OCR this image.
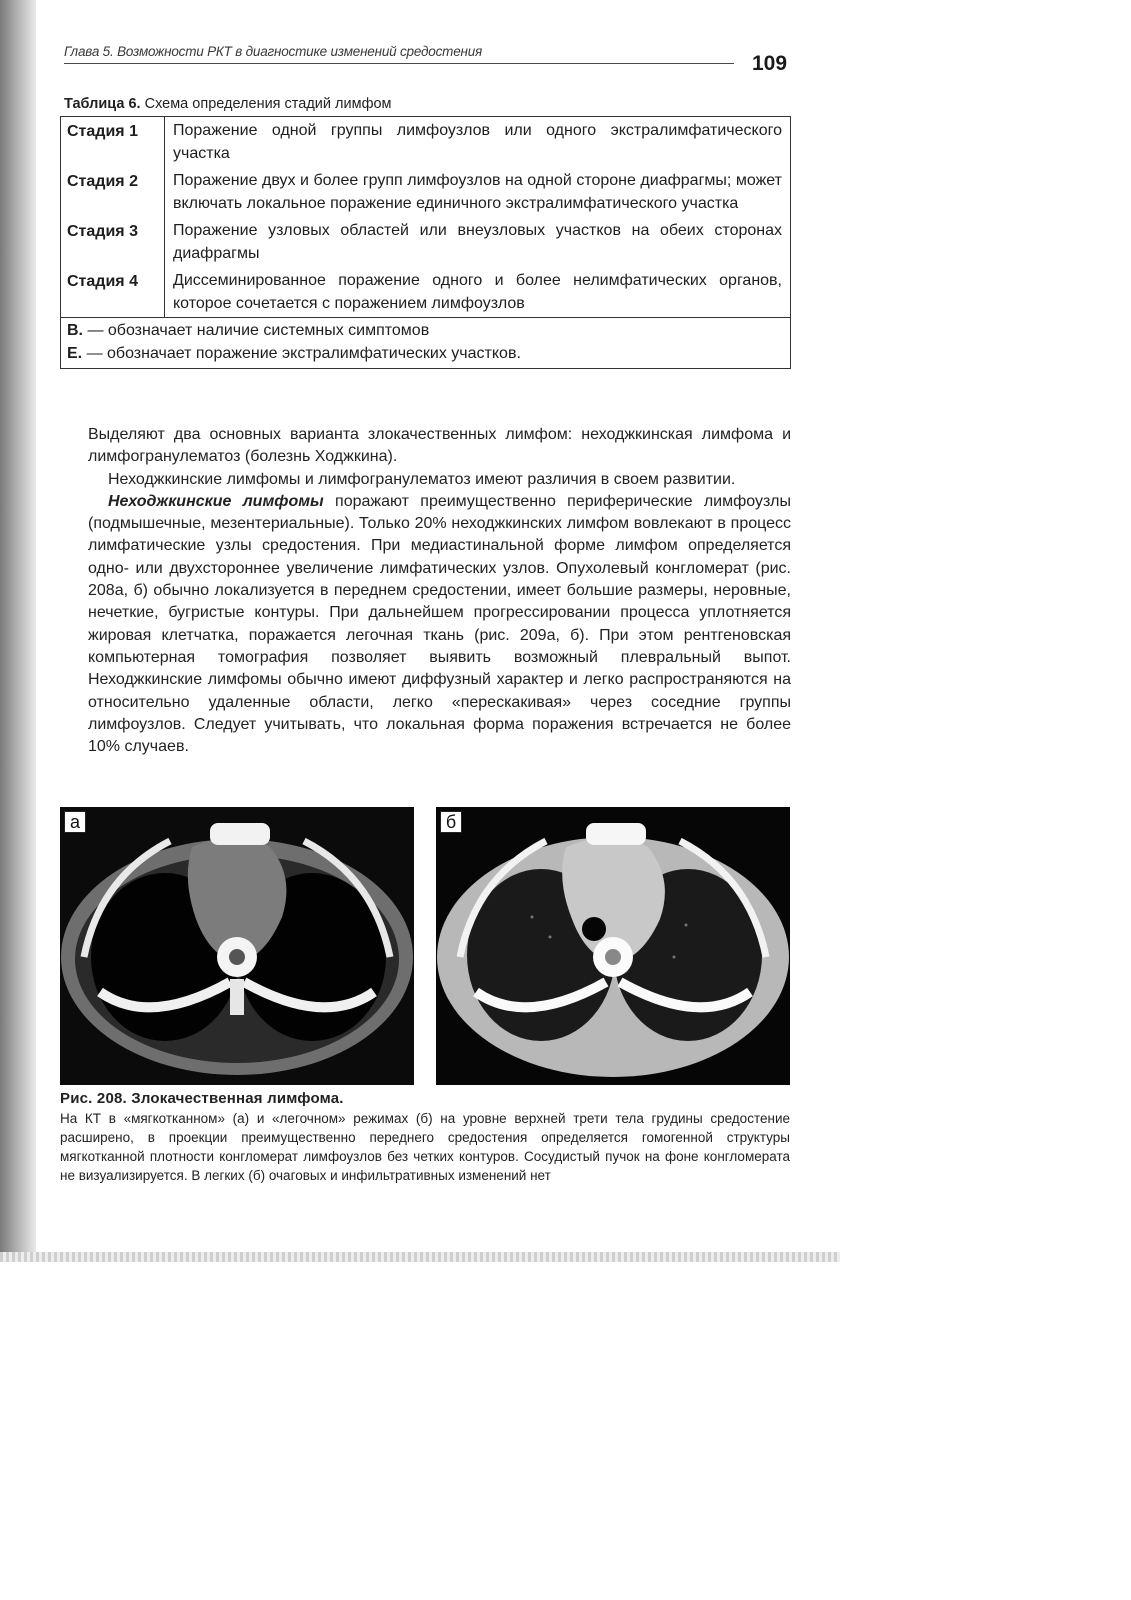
Глава 5. Возможности РКТ в диагностике изменений средостения
109
Таблица 6. Схема определения стадий лимфом
Стадия 1	Поражение одной группы лимфоузлов или одного экстралимфатического участка
Стадия 2	Поражение двух и более групп лимфоузлов на одной стороне диафрагмы; может включать локальное поражение единичного экстралимфатического участка
Стадия 3	Поражение узловых областей или внеузловых участков на обеих сторонах диафрагмы
Стадия 4	Диссеминированное поражение одного и более нелимфатических органов, которое сочетается с поражением лимфоузлов
В. — обозначает наличие системных симптомов
Е. — обозначает поражение экстралимфатических участков.

Выделяют два основных варианта злокачественных лимфом: неходжкинская лимфома и лимфогранулематоз (болезнь Ходжкина).

Неходжкинские лимфомы и лимфогранулематоз имеют различия в своем развитии.

Неходжкинские лимфомы поражают преимущественно периферические лимфоузлы (подмышечные, мезентериальные). Только 20% неходжкинских лимфом вовлекают в процесс лимфатические узлы средостения. При медиастинальной форме лимфом определяется одно- или двухстороннее увеличение лимфатических узлов. Опухолевый конгломерат (рис. 208а, б) обычно локализуется в переднем средостении, имеет большие размеры, неровные, нечеткие, бугристые контуры. При дальнейшем прогрессировании процесса уплотняется жировая клетчатка, поражается легочная ткань (рис. 209а, б). При этом рентгеновская компьютерная томография позволяет выявить возможный плевральный выпот. Неходжкинские лимфомы обычно имеют диффузный характер и легко распространяются на относительно удаленные области, легко «перескакивая» через соседние группы лимфоузлов. Следует учитывать, что локальная форма поражения встречается не более 10% случаев.

а	б

Рис. 208. Злокачественная лимфома.

На КТ в «мягкотканном» (а) и «легочном» режимах (б) на уровне верхней трети тела грудины средостение расширено, в проекции преимущественно переднего средостения определяется гомогенной структуры мягкотканной плотности конгломерат лимфоузлов без четких контуров. Сосудистый пучок на фоне конгломерата не визуализируется. В легких (б) очаговых и инфильтративных изменений нет
